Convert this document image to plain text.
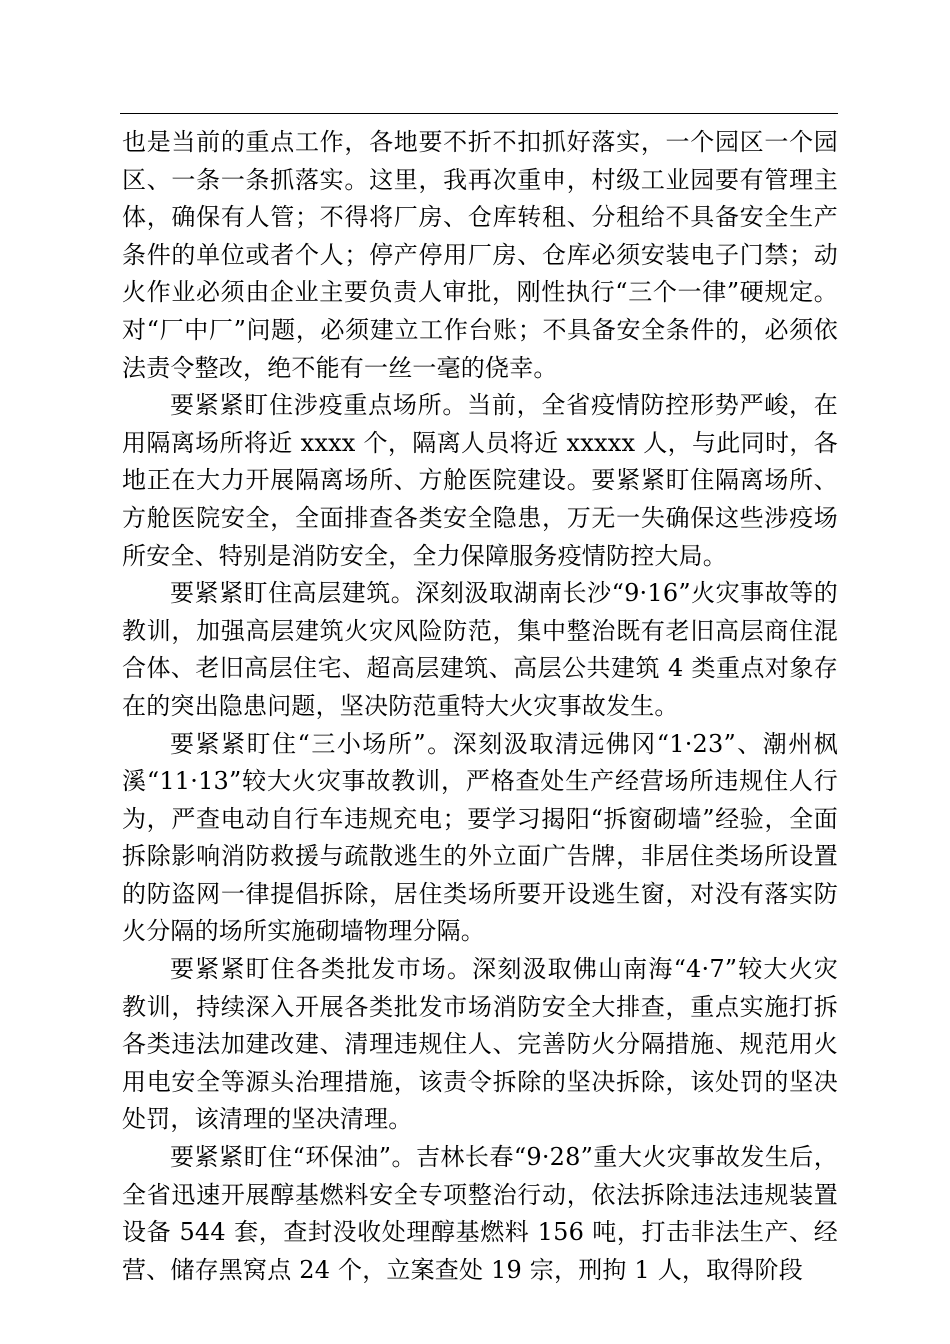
也是当前的重点工作，各地要不折不扣抓好落实，一个园区一个园区、一条一条抓落实。这里，我再次重申，村级工业园要有管理主体，确保有人管；不得将厂房、仓库转租、分租给不具备安全生产条件的单位或者个人；停产停用厂房、仓库必须安装电子门禁；动火作业必须由企业主要负责人审批，刚性执行“三个一律”硬规定。对“厂中厂”问题，必须建立工作台账；不具备安全条件的，必须依法责令整改，绝不能有一丝一毫的侥幸。

要紧紧盯住涉疫重点场所。当前，全省疫情防控形势严峻，在用隔离场所将近 xxxx 个，隔离人员将近 xxxxx 人，与此同时，各地正在大力开展隔离场所、方舱医院建设。要紧紧盯住隔离场所、方舱医院安全，全面排查各类安全隐患，万无一失确保这些涉疫场所安全、特别是消防安全，全力保障服务疫情防控大局。

要紧紧盯住高层建筑。深刻汲取湖南长沙“9·16”火灾事故等的教训，加强高层建筑火灾风险防范，集中整治既有老旧高层商住混合体、老旧高层住宅、超高层建筑、高层公共建筑 4 类重点对象存在的突出隐患问题，坚决防范重特大火灾事故发生。

要紧紧盯住“三小场所”。深刻汲取清远佛冈“1·23”、潮州枫溪“11·13”较大火灾事故教训，严格查处生产经营场所违规住人行为，严查电动自行车违规充电；要学习揭阳“拆窗砌墙”经验，全面拆除影响消防救援与疏散逃生的外立面广告牌，非居住类场所设置的防盗网一律提倡拆除，居住类场所要开设逃生窗，对没有落实防火分隔的场所实施砌墙物理分隔。

要紧紧盯住各类批发市场。深刻汲取佛山南海“4·7”较大火灾教训，持续深入开展各类批发市场消防安全大排查，重点实施打拆各类违法加建改建、清理违规住人、完善防火分隔措施、规范用火用电安全等源头治理措施，该责令拆除的坚决拆除，该处罚的坚决处罚，该清理的坚决清理。

要紧紧盯住“环保油”。吉林长春“9·28”重大火灾事故发生后，全省迅速开展醇基燃料安全专项整治行动，依法拆除违法违规装置设备 544 套，查封没收处理醇基燃料 156 吨，打击非法生产、经营、储存黑窝点 24 个，立案查处 19 宗，刑拘 1 人，取得阶段
